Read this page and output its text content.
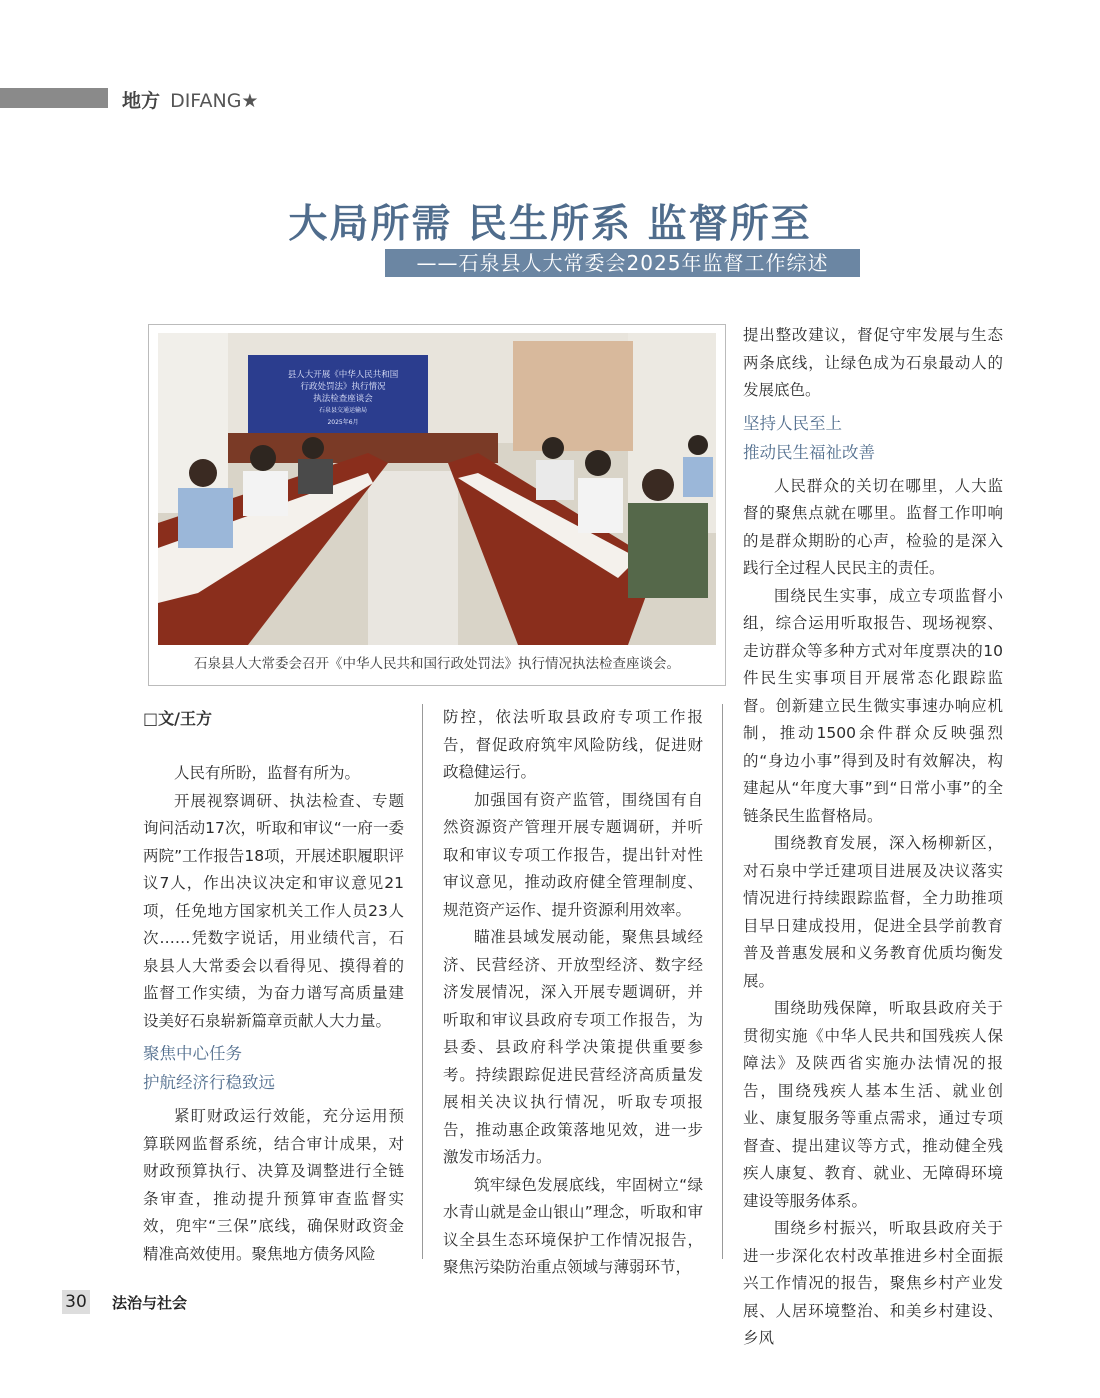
地方 DIFANG★
大局所需 民生所系 监督所至
——石泉县人大常委会2025年监督工作综述
县人大开展《中华人民共和国
行政处罚法》执行情况
执法检查座谈会
石泉县交通运输局
2025年6月
石泉县人大常委会召开《中华人民共和国行政处罚法》执行情况执法检查座谈会。
□文/王方

人民有所盼，监督有所为。

开展视察调研、执法检查、专题询问活动17次，听取和审议“一府一委两院”工作报告18项，开展述职履职评议7人，作出决议决定和审议意见21项，任免地方国家机关工作人员23人次……凭数字说话，用业绩代言，石泉县人大常委会以看得见、摸得着的监督工作实绩，为奋力谱写高质量建设美好石泉崭新篇章贡献人大力量。

聚焦中心任务
护航经济行稳致远

紧盯财政运行效能，充分运用预算联网监督系统，结合审计成果，对财政预算执行、决算及调整进行全链条审查，推动提升预算审查监督实效，兜牢“三保”底线，确保财政资金精准高效使用。聚焦地方债务风险

防控，依法听取县政府专项工作报告，督促政府筑牢风险防线，促进财政稳健运行。

加强国有资产监管，围绕国有自然资源资产管理开展专题调研，并听取和审议专项工作报告，提出针对性审议意见，推动政府健全管理制度、规范资产运作、提升资源利用效率。

瞄准县域发展动能，聚焦县域经济、民营经济、开放型经济、数字经济发展情况，深入开展专题调研，并听取和审议县政府专项工作报告，为县委、县政府科学决策提供重要参考。持续跟踪促进民营经济高质量发展相关决议执行情况，听取专项报告，推动惠企政策落地见效，进一步激发市场活力。

筑牢绿色发展底线，牢固树立“绿水青山就是金山银山”理念，听取和审议全县生态环境保护工作情况报告，聚焦污染防治重点领域与薄弱环节，

提出整改建议，督促守牢发展与生态两条底线，让绿色成为石泉最动人的发展底色。

坚持人民至上
推动民生福祉改善

人民群众的关切在哪里，人大监督的聚焦点就在哪里。监督工作叩响的是群众期盼的心声，检验的是深入践行全过程人民民主的责任。

围绕民生实事，成立专项监督小组，综合运用听取报告、现场视察、走访群众等多种方式对年度票决的10件民生实事项目开展常态化跟踪监督。创新建立民生微实事速办响应机制，推动1500余件群众反映强烈的“身边小事”得到及时有效解决，构建起从“年度大事”到“日常小事”的全链条民生监督格局。

围绕教育发展，深入杨柳新区，对石泉中学迁建项目进展及决议落实情况进行持续跟踪监督，全力助推项目早日建成投用，促进全县学前教育普及普惠发展和义务教育优质均衡发展。

围绕助残保障，听取县政府关于贯彻实施《中华人民共和国残疾人保障法》及陕西省实施办法情况的报告，围绕残疾人基本生活、就业创业、康复服务等重点需求，通过专项督查、提出建议等方式，推动健全残疾人康复、教育、就业、无障碍环境建设等服务体系。

围绕乡村振兴，听取县政府关于进一步深化农村改革推进乡村全面振兴工作情况的报告，聚焦乡村产业发展、人居环境整治、和美乡村建设、乡风

30 法治与社会
